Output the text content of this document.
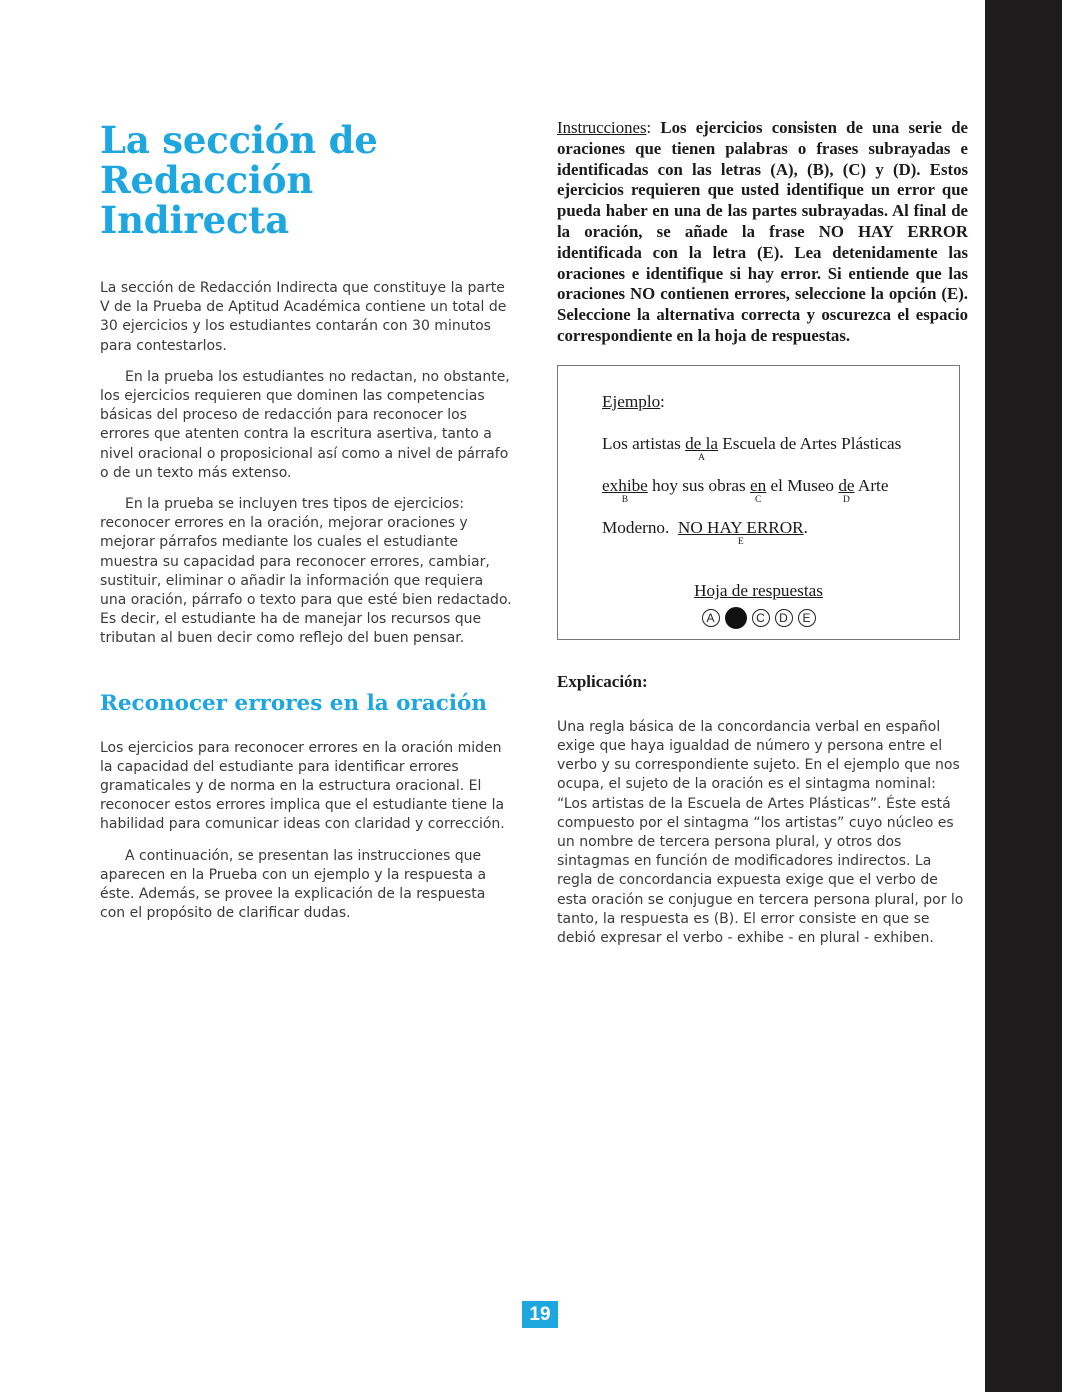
La sección de
Redacción Indirecta

La sección de Redacción Indirecta que constituye la parte V de la Prueba de Aptitud Académica contiene un total de 30 ejercicios y los estudiantes contarán con 30 minutos para contestarlos.

En la prueba los estudiantes no redactan, no obstante, los ejercicios requieren que dominen las competencias básicas del proceso de redacción para reconocer los errores que atenten contra la escritura asertiva, tanto a nivel oracional o proposicional así como a nivel de párrafo o de un texto más extenso.

En la prueba se incluyen tres tipos de ejercicios: reconocer errores en la oración, mejorar oraciones y mejorar párrafos mediante los cuales el estudiante muestra su capacidad para reconocer errores, cambiar, sustituir, eliminar o añadir la información que requiera una oración, párrafo o texto para que esté bien redactado. Es decir, el estudiante ha de manejar los recursos que tributan al buen decir como reflejo del buen pensar.

Reconocer errores en la oración

Los ejercicios para reconocer errores en la oración miden la capacidad del estudiante para identificar errores gramaticales y de norma en la estructura oracional. El reconocer estos errores implica que el estudiante tiene la habilidad para comunicar ideas con claridad y corrección.

A continuación, se presentan las instrucciones que aparecen en la Prueba con un ejemplo y la respuesta a éste. Además, se provee la explicación de la respuesta con el propósito de clarificar dudas.

Instrucciones: Los ejercicios consisten de una serie de oraciones que tienen palabras o frases subrayadas e identificadas con las letras (A), (B), (C) y (D). Estos ejercicios requieren que usted identifique un error que pueda haber en una de las partes subrayadas. Al final de la oración, se añade la frase NO HAY ERROR identificada con la letra (E). Lea detenidamente las oraciones e identifique si hay error. Si entiende que las oraciones NO contienen errores, seleccione la opción (E). Seleccione la alternativa correcta y oscurezca el espacio correspondiente en la hoja de respuestas.

Ejemplo :
Los artistas de la
A
Escuela de Artes Plásticas
exhibe
B
hoy sus obras en
C
el Museo de
D
Arte
Moderno.  NO HAY ERROR
E
.
Hoja de respuestas
A	C D E
Explicación:

Una regla básica de la concordancia verbal en español exige que haya igualdad de número y persona entre el verbo y su correspondiente sujeto. En el ejemplo que nos ocupa, el sujeto de la oración es el sintagma nominal: “Los artistas de la Escuela de Artes Plásticas”. Éste está compuesto por el sintagma “los artistas” cuyo núcleo es un nombre de tercera persona plural, y otros dos sintagmas en función de modificadores indirectos. La regla de concordancia expuesta exige que el verbo de esta oración se conjugue en tercera persona plural, por lo tanto, la respuesta es (B). El error consiste en que se debió expresar el verbo - exhibe - en plural - exhiben.

19
